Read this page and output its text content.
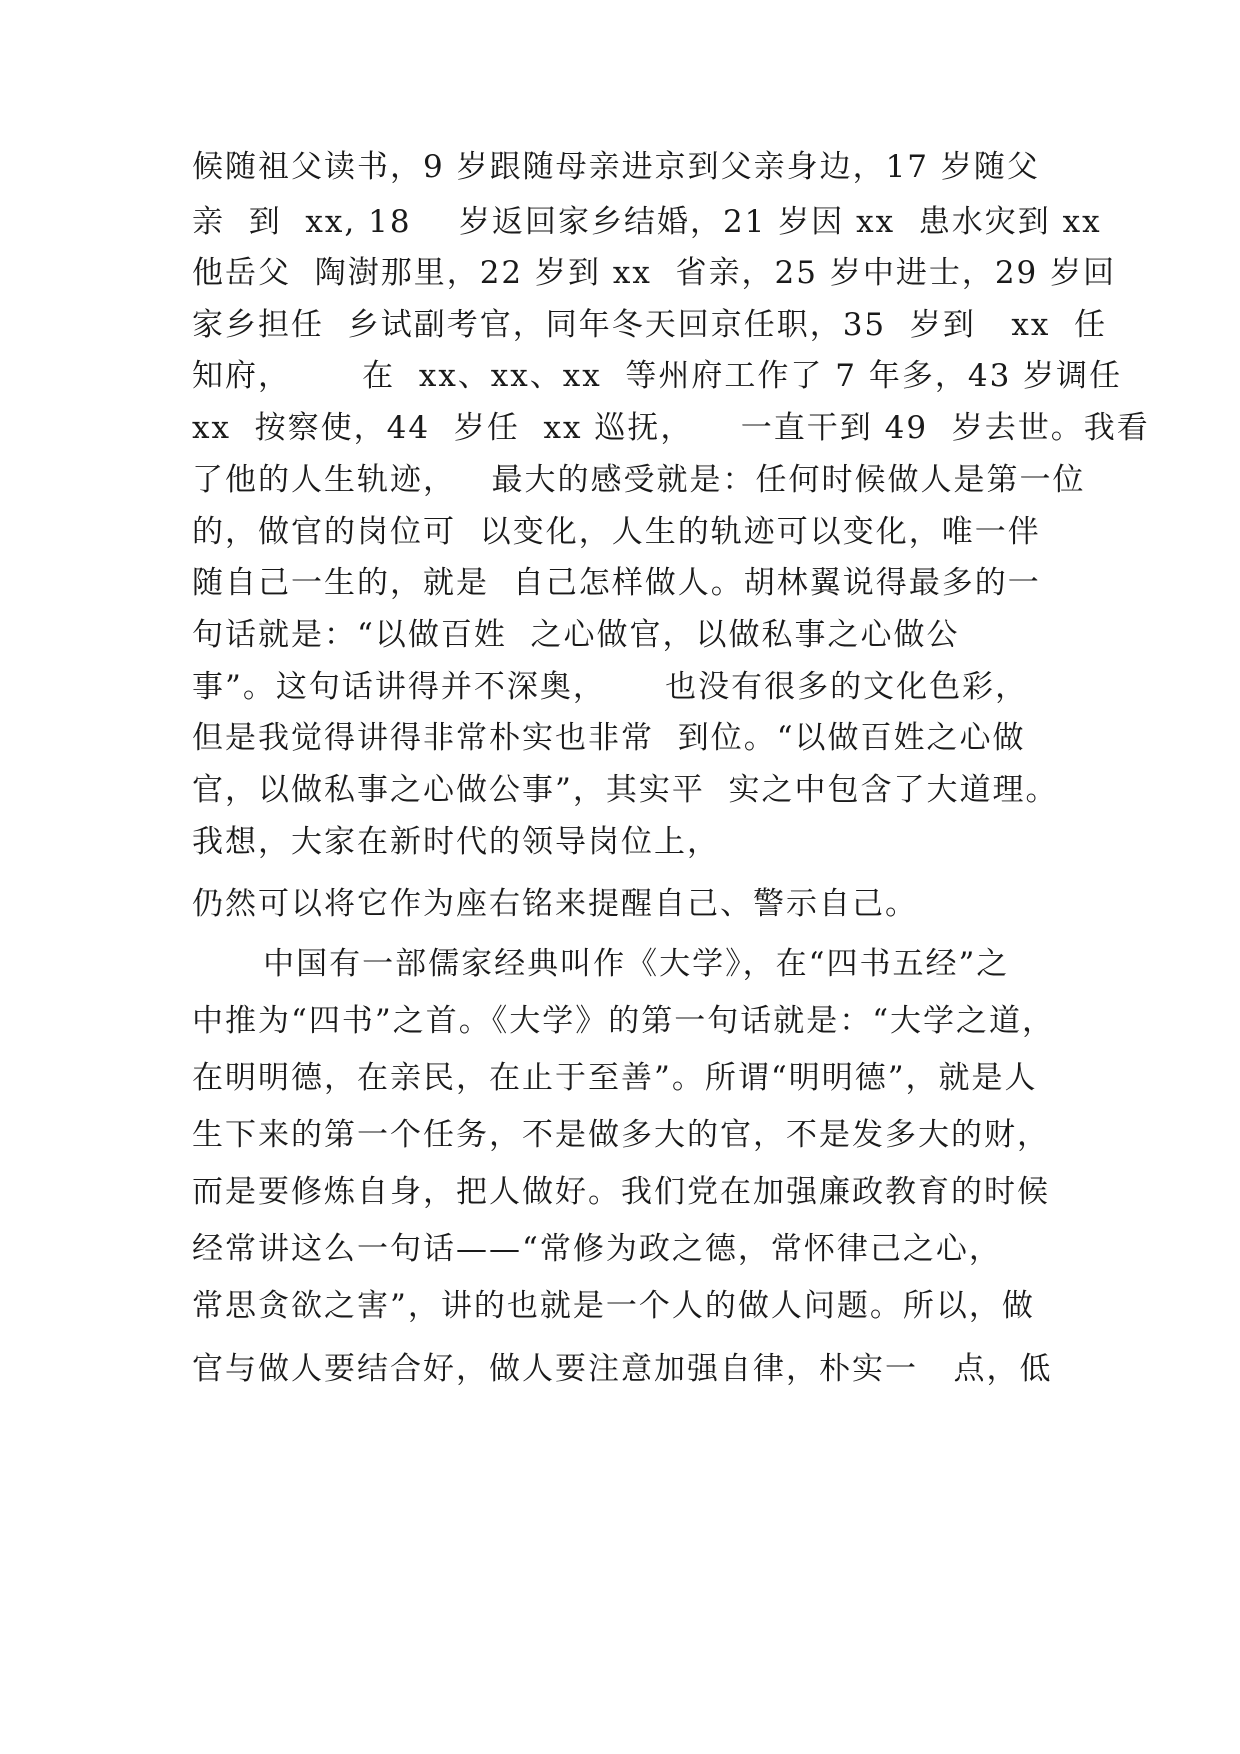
候随祖父读书，9 岁跟随母亲进京到父亲身边，17 岁随父
亲  到  xx, 18    岁返回家乡结婚，21 岁因 xx  患水灾到 xx
他岳父  陶澍那里，22 岁到 xx  省亲，25 岁中进士，29 岁回
家乡担任  乡试副考官，同年冬天回京任职，35  岁到   xx  任
知府，      在  xx、xx、xx  等州府工作了 7 年多，43 岁调任
xx  按察使，44  岁任  xx 巡抚，    一直干到 49  岁去世。我看
了他的人生轨迹，   最大的感受就是：任何时候做人是第一位
的，做官的岗位可  以变化，人生的轨迹可以变化，唯一伴
随自己一生的，就是  自己怎样做人。胡林翼说得最多的一
句话就是：“以做百姓  之心做官，以做私事之心做公
事”。这句话讲得并不深奥，     也没有很多的文化色彩，
但是我觉得讲得非常朴实也非常  到位。“以做百姓之心做
官，以做私事之心做公事”，其实平  实之中包含了大道理。
我想，大家在新时代的领导岗位上，
仍然可以将它作为座右铭来提醒自己、警示自己。
中国有一部儒家经典叫作《大学》，在“四书五经”之
中推为“四书”之首。《大学》的第一句话就是：“大学之道，
在明明德，在亲民，在止于至善”。所谓“明明德”，就是人
生下来的第一个任务，不是做多大的官，不是发多大的财，
而是要修炼自身，把人做好。我们党在加强廉政教育的时候
经常讲这么一句话——“常修为政之德，常怀律己之心，
常思贪欲之害”，讲的也就是一个人的做人问题。所以，做
官与做人要结合好，做人要注意加强自律，朴实一   点，低
